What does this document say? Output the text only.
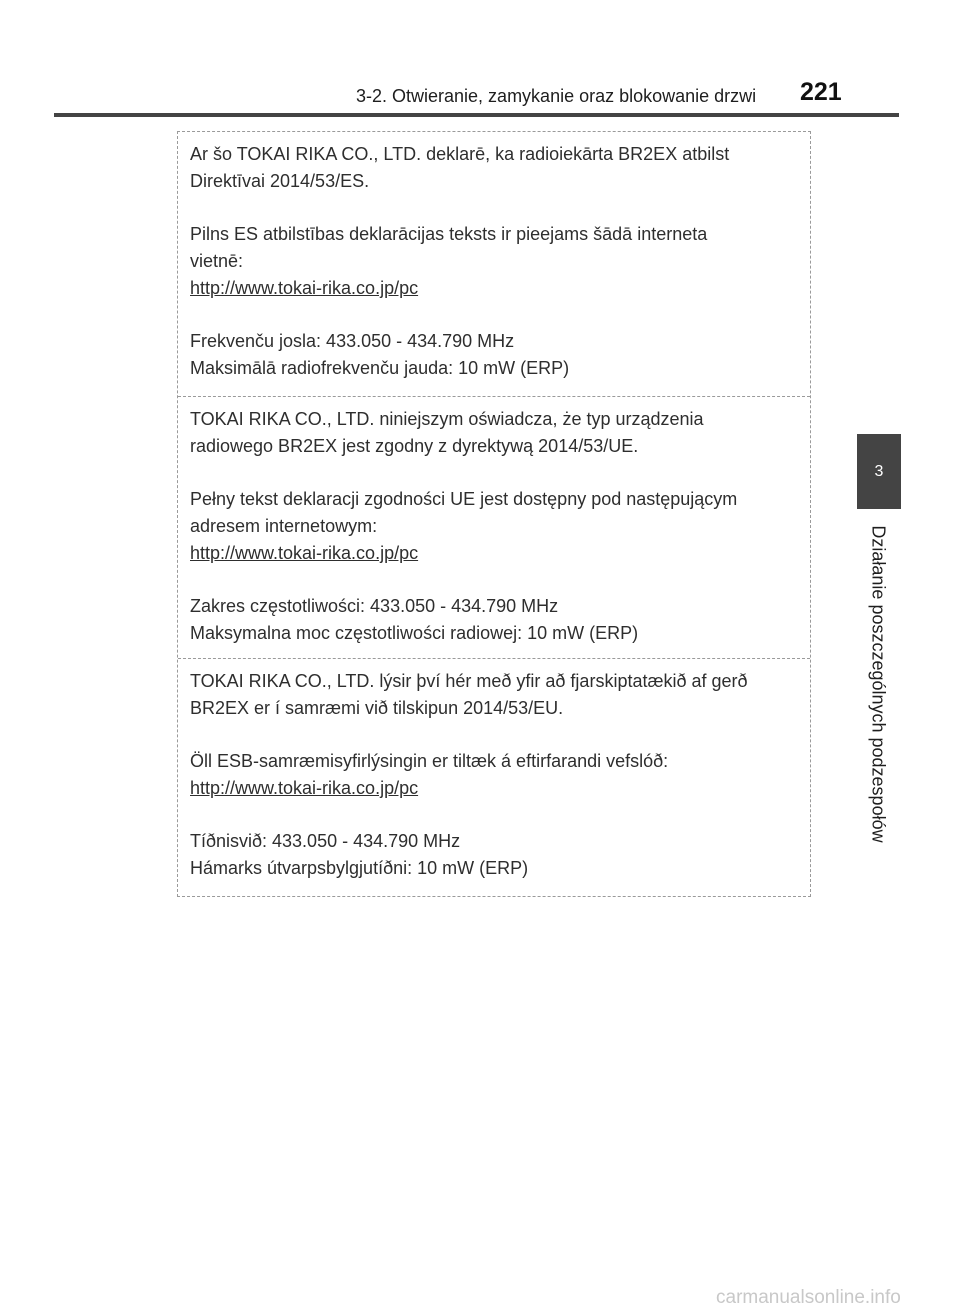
3-2. Otwieranie, zamykanie oraz blokowanie drzwi 221
3
Działanie poszczególnych podzespołów
Ar šo TOKAI RIKA CO., LTD. deklarē, ka radioiekārta BR2EX atbilst
Direktīvai 2014/53/ES.
Pilns ES atbilstības deklarācijas teksts ir pieejams šādā interneta
vietnē:
http://www.tokai-rika.co.jp/pc
Frekvenču josla: 433.050 - 434.790 MHz
Maksimālā radiofrekvenču jauda: 10 mW (ERP)
TOKAI RIKA CO., LTD. niniejszym oświadcza, że typ urządzenia
radiowego BR2EX jest zgodny z dyrektywą 2014/53/UE.
Pełny tekst deklaracji zgodności UE jest dostępny pod następującym
adresem internetowym:
http://www.tokai-rika.co.jp/pc
Zakres częstotliwości: 433.050 - 434.790 MHz
Maksymalna moc częstotliwości radiowej: 10 mW (ERP)
TOKAI RIKA CO., LTD. lýsir því hér með yfir að fjarskiptatækið af gerð
BR2EX er í samræmi við tilskipun 2014/53/EU.
Öll ESB-samræmisyfirlýsingin er tiltæk á eftirfarandi vefslóð:
http://www.tokai-rika.co.jp/pc
Tíðnisvið: 433.050 - 434.790 MHz
Hámarks útvarpsbylgjutíðni: 10 mW (ERP)
carmanualsonline.info
